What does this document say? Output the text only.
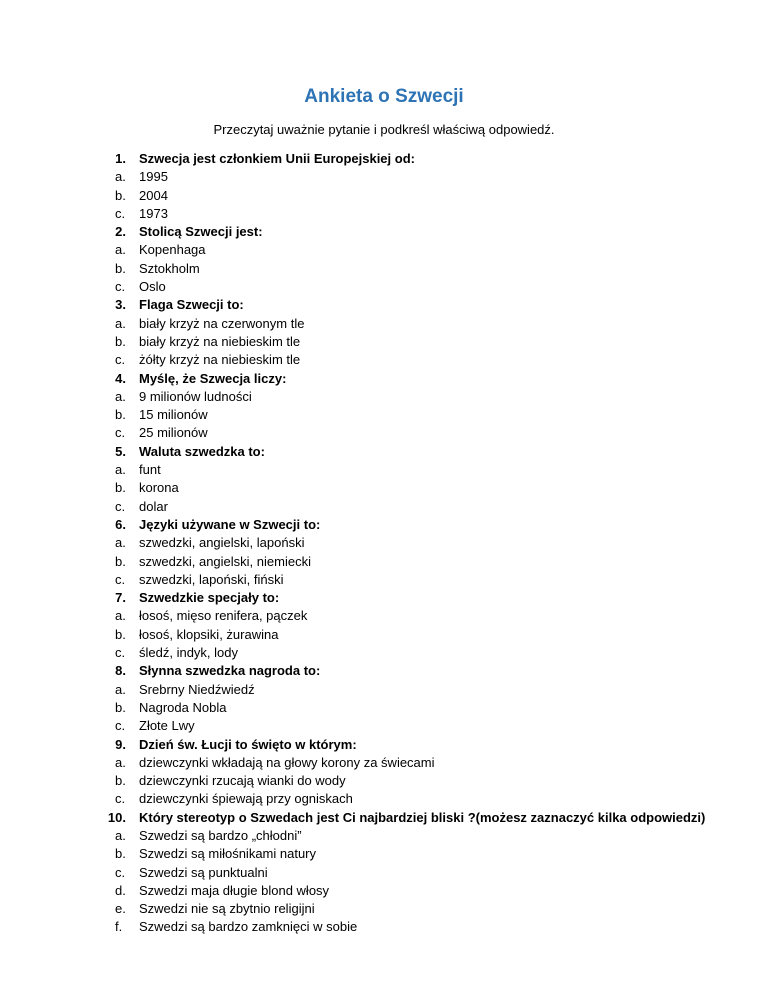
Ankieta o Szwecji
Przeczytaj uważnie pytanie i podkreśl właściwą odpowiedź.
1. Szwecja jest członkiem Unii Europejskiej od:
a. 1995
b. 2004
c. 1973
2. Stolicą Szwecji jest:
a. Kopenhaga
b. Sztokholm
c. Oslo
3. Flaga Szwecji to:
a. biały krzyż na czerwonym tle
b. biały krzyż na niebieskim tle
c. żółty krzyż na niebieskim tle
4. Myślę, że Szwecja liczy:
a. 9 milionów ludności
b. 15 milionów
c. 25 milionów
5. Waluta szwedzka to:
a. funt
b. korona
c. dolar
6. Języki używane w Szwecji to:
a. szwedzki, angielski, lapoński
b. szwedzki, angielski, niemiecki
c. szwedzki, lapoński, fiński
7. Szwedzkie specjały to:
a. łosoś, mięso renifera, pączek
b. łosoś, klopsiki, żurawina
c. śledź, indyk, lody
8. Słynna szwedzka nagroda to:
a. Srebrny Niedźwiedź
b. Nagroda Nobla
c. Złote Lwy
9. Dzień św. Łucji to święto w którym:
a. dziewczynki wkładają na głowy korony za świecami
b. dziewczynki rzucają wianki do wody
c. dziewczynki śpiewają przy ogniskach
10. Który stereotyp o Szwedach jest Ci najbardziej bliski ?(możesz zaznaczyć kilka odpowiedzi)
a. Szwedzi są bardzo „chłodni”
b. Szwedzi są miłośnikami natury
c. Szwedzi są punktualni
d. Szwedzi maja długie blond włosy
e. Szwedzi nie są zbytnio religijni
f. Szwedzi są bardzo zamknięci w sobie
